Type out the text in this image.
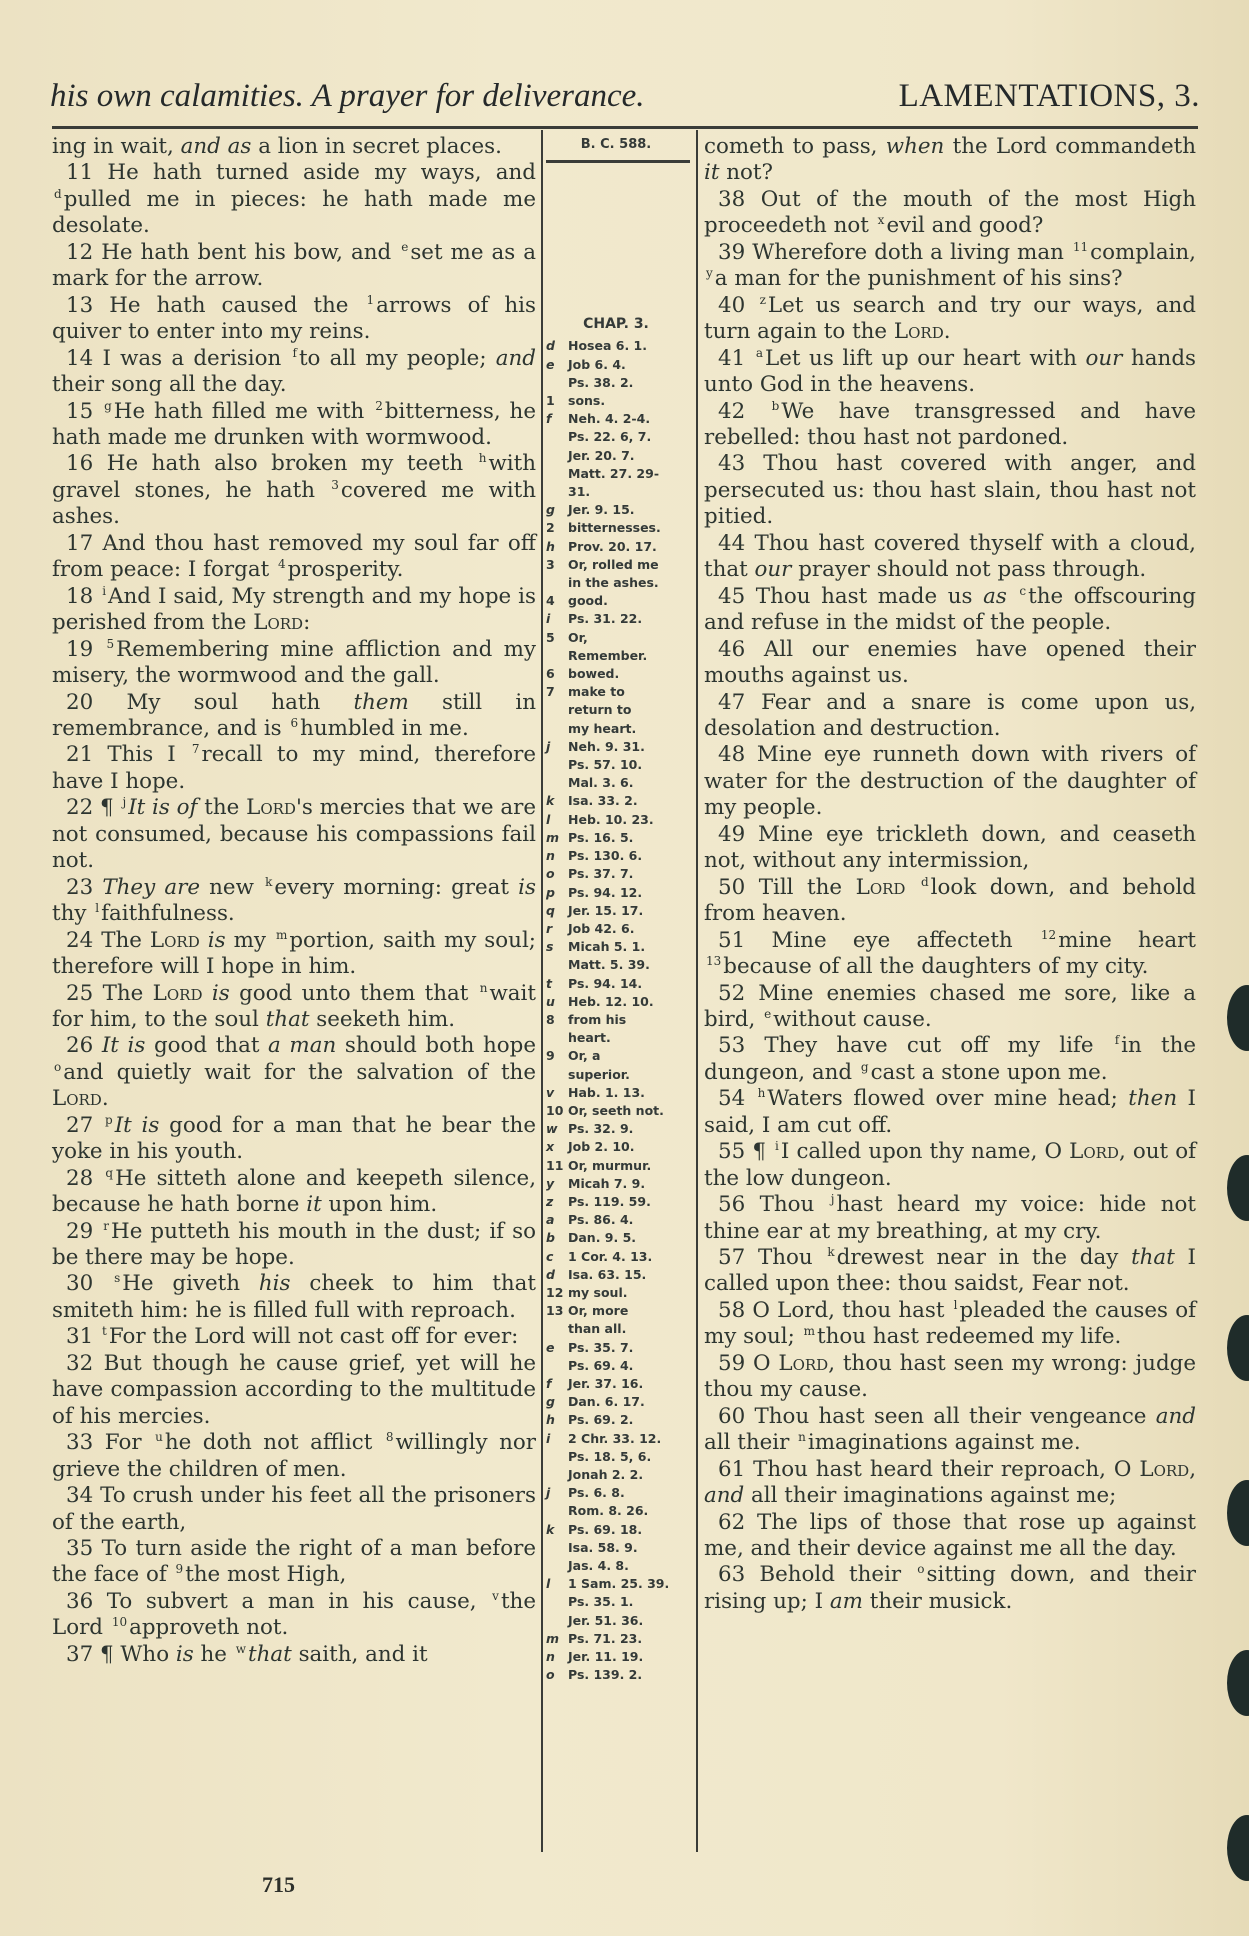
his own calamities. A prayer for deliverance.	LAMENTATIONS, 3.
ing in wait, and as a lion in secret places.
11 He hath turned aside my ways, and $^d$pulled me in pieces: he hath made me desolate.
12 He hath bent his bow, and $^e$set me as a mark for the arrow.
13 He hath caused the $^1$arrows of his quiver to enter into my reins.
14 I was a derision $^f$to all my people; and their song all the day.
15 $^g$He hath filled me with $^2$bitterness, he hath made me drunken with wormwood.
16 He hath also broken my teeth $^h$with gravel stones, he hath $^3$covered me with ashes.
17 And thou hast removed my soul far off from peace: I forgat $^4$prosperity.
18 $^i$And I said, My strength and my hope is perished from the Lord:
19 $^5$Remembering mine affliction and my misery, the wormwood and the gall.
20 My soul hath them still in remembrance, and is $^6$humbled in me.
21 This I $^7$recall to my mind, therefore have I hope.
22 ¶ $^j$It is of the Lord's mercies that we are not consumed, because his compassions fail not.
23 They are new $^k$every morning: great is thy $^l$faithfulness.
24 The Lord is my $^m$portion, saith my soul; therefore will I hope in him.
25 The Lord is good unto them that $^n$wait for him, to the soul that seeketh him.
26 It is good that a man should both hope $^o$and quietly wait for the salvation of the Lord.
27 $^p$It is good for a man that he bear the yoke in his youth.
28 $^q$He sitteth alone and keepeth silence, because he hath borne it upon him.
29 $^r$He putteth his mouth in the dust; if so be there may be hope.
30 $^s$He giveth his cheek to him that smiteth him: he is filled full with reproach.
31 $^t$For the Lord will not cast off for ever:
32 But though he cause grief, yet will he have compassion according to the multitude of his mercies.
33 For $^u$he doth not afflict $^8$willingly nor grieve the children of men.
34 To crush under his feet all the prisoners of the earth,
35 To turn aside the right of a man before the face of $^9$the most High,
36 To subvert a man in his cause, $^v$the Lord $^{10}$approveth not.
37 ¶ Who is he $^w$that saith, and it
B. C. 588.
CHAP. 3.
d Hosea 6. 1.
e Job 6. 4.
Ps. 38. 2.
1 sons.
f Neh. 4. 2-4.
Ps. 22. 6, 7.
Jer. 20. 7.
Matt. 27. 29-
31.
g Jer. 9. 15.
2 bitternesses.
h Prov. 20. 17.
3 Or, rolled me
in the ashes.
4 good.
i Ps. 31. 22.
5 Or,
Remember.
6 bowed.
7 make to
return to
my heart.
j Neh. 9. 31.
Ps. 57. 10.
Mal. 3. 6.
k Isa. 33. 2.
l Heb. 10. 23.
m Ps. 16. 5.
n Ps. 130. 6.
o Ps. 37. 7.
p Ps. 94. 12.
q Jer. 15. 17.
r Job 42. 6.
s Micah 5. 1.
Matt. 5. 39.
t Ps. 94. 14.
u Heb. 12. 10.
8 from his
heart.
9 Or, a
superior.
v Hab. 1. 13.
10 Or, seeth not.
w Ps. 32. 9.
x Job 2. 10.
11 Or, murmur.
y Micah 7. 9.
z Ps. 119. 59.
a Ps. 86. 4.
b Dan. 9. 5.
c 1 Cor. 4. 13.
d Isa. 63. 15.
12 my soul.
13 Or, more
than all.
e Ps. 35. 7.
Ps. 69. 4.
f Jer. 37. 16.
g Dan. 6. 17.
h Ps. 69. 2.
i 2 Chr. 33. 12.
Ps. 18. 5, 6.
Jonah 2. 2.
j Ps. 6. 8.
Rom. 8. 26.
k Ps. 69. 18.
Isa. 58. 9.
Jas. 4. 8.
l 1 Sam. 25. 39.
Ps. 35. 1.
Jer. 51. 36.
m Ps. 71. 23.
n Jer. 11. 19.
o Ps. 139. 2.
cometh to pass, when the Lord commandeth it not?
38 Out of the mouth of the most High proceedeth not $^x$evil and good?
39 Wherefore doth a living man $^{11}$complain, $^y$a man for the punishment of his sins?
40 $^z$Let us search and try our ways, and turn again to the Lord.
41 $^a$Let us lift up our heart with our hands unto God in the heavens.
42 $^b$We have transgressed and have rebelled: thou hast not pardoned.
43 Thou hast covered with anger, and persecuted us: thou hast slain, thou hast not pitied.
44 Thou hast covered thyself with a cloud, that our prayer should not pass through.
45 Thou hast made us as $^c$the offscouring and refuse in the midst of the people.
46 All our enemies have opened their mouths against us.
47 Fear and a snare is come upon us, desolation and destruction.
48 Mine eye runneth down with rivers of water for the destruction of the daughter of my people.
49 Mine eye trickleth down, and ceaseth not, without any intermission,
50 Till the Lord $^d$look down, and behold from heaven.
51 Mine eye affecteth $^{12}$mine heart $^{13}$because of all the daughters of my city.
52 Mine enemies chased me sore, like a bird, $^e$without cause.
53 They have cut off my life $^f$in the dungeon, and $^g$cast a stone upon me.
54 $^h$Waters flowed over mine head; then I said, I am cut off.
55 ¶ $^i$I called upon thy name, O Lord, out of the low dungeon.
56 Thou $^j$hast heard my voice: hide not thine ear at my breathing, at my cry.
57 Thou $^k$drewest near in the day that I called upon thee: thou saidst, Fear not.
58 O Lord, thou hast $^l$pleaded the causes of my soul; $^m$thou hast redeemed my life.
59 O Lord, thou hast seen my wrong: judge thou my cause.
60 Thou hast seen all their vengeance and all their $^n$imaginations against me.
61 Thou hast heard their reproach, O Lord, and all their imaginations against me;
62 The lips of those that rose up against me, and their device against me all the day.
63 Behold their $^o$sitting down, and their rising up; I am their musick.
715
